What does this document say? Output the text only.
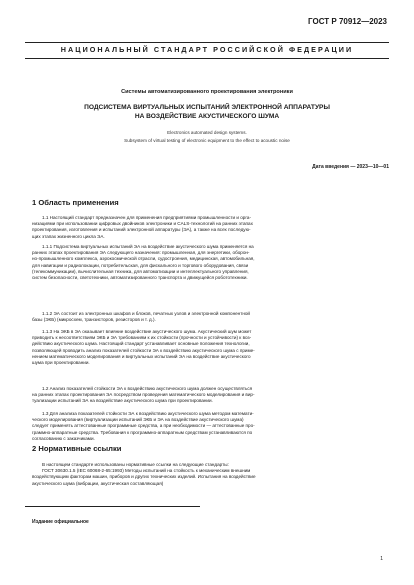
ГОСТ Р 70912—2023
НАЦИОНАЛЬНЫЙ СТАНДАРТ РОССИЙСКОЙ ФЕДЕРАЦИИ
Системы автоматизированного проектирования электроники
ПОДСИСТЕМА ВИРТУАЛЬНЫХ ИСПЫТАНИЙ ЭЛЕКТРОННОЙ АППАРАТУРЫ
НА ВОЗДЕЙСТВИЕ АКУСТИЧЕСКОГО ШУМА
Electronics automated design systems.
Subsystem of virtual testing of electronic equipment to the effect to acoustic noise
Дата введения — 2023—10—01
1 Область применения
1.1 Настоящий стандарт предназначен для применения предприятиями промышленности и орга-
низациями при использовании цифровых двойников электроники и CALS-технологий на ранних этапах
проектирования, изготовления и испытаний электронной аппаратуры (ЭА), а также на всех последую-
щих этапах жизненного цикла ЭА.
1.1.1 Подсистема виртуальных испытаний ЭА на воздействие акустического шума применяется на
ранних этапах проектирования ЭА следующего назначения: промышленная, для энергетики, оборон-
но-промышленного комплекса, аэрокосмической отрасли, судостроения, медицинская, автомобильная,
для навигации и радиолокации, потребительская, для фискального и торгового оборудования, связи
(телекоммуникации), вычислительная техника, для автоматизации и интеллектуального управления,
систем безопасности, светотехники, автоматизированного транспорта и движущейся робототехники.
1.1.2 ЭА состоит из электронных шкафов и блоков, печатных узлов и электронной компонентной
базы (ЭКБ) (микросхем, транзисторов, резисторов и т. д.).
1.1.3 На ЭКБ в ЭА оказывает влияние воздействие акустического шума. Акустический шум может
приводить к несоответствиям ЭКБ и ЭА требованиям к их стойкости (прочности и устойчивости) к воз-
действию акустического шума. Настоящий стандарт устанавливает основные положения технологии,
позволяющей проводить анализ показателей стойкости ЭА к воздействию акустического шума с приме-
нением математического моделирования и виртуальных испытаний ЭА на воздействие акустического
шума при проектировании.
1.2 Анализ показателей стойкости ЭА к воздействию акустического шума должен осуществляться
на ранних этапах проектирования ЭА посредством проведения математического моделирования и вир-
туализации испытаний ЭА на воздействие акустического шума при проектировании.
1.3 Для анализа показателей стойкости ЭА к воздействию акустического шума методом математи-
ческого моделирования (виртуализации испытаний ЭКБ и ЭА на воздействие акустического шума)
следует применять аттестованные программные средства, а при необходимости — аттестованные про-
граммно-аппаратные средства. Требования к программно-аппаратным средствам устанавливаются по
согласованию с заказчиками.
2 Нормативные ссылки
В настоящем стандарте использованы нормативные ссылки на следующие стандарты:
ГОСТ 30630.1.5 (IEC 60068-2-65:1993) Методы испытаний на стойкость к механическим внешним
воздействующим факторам машин, приборов и других технических изделий. Испытания на воздействие
акустического шума (вибрации, акустическая составляющая)
Издание официальное
1
